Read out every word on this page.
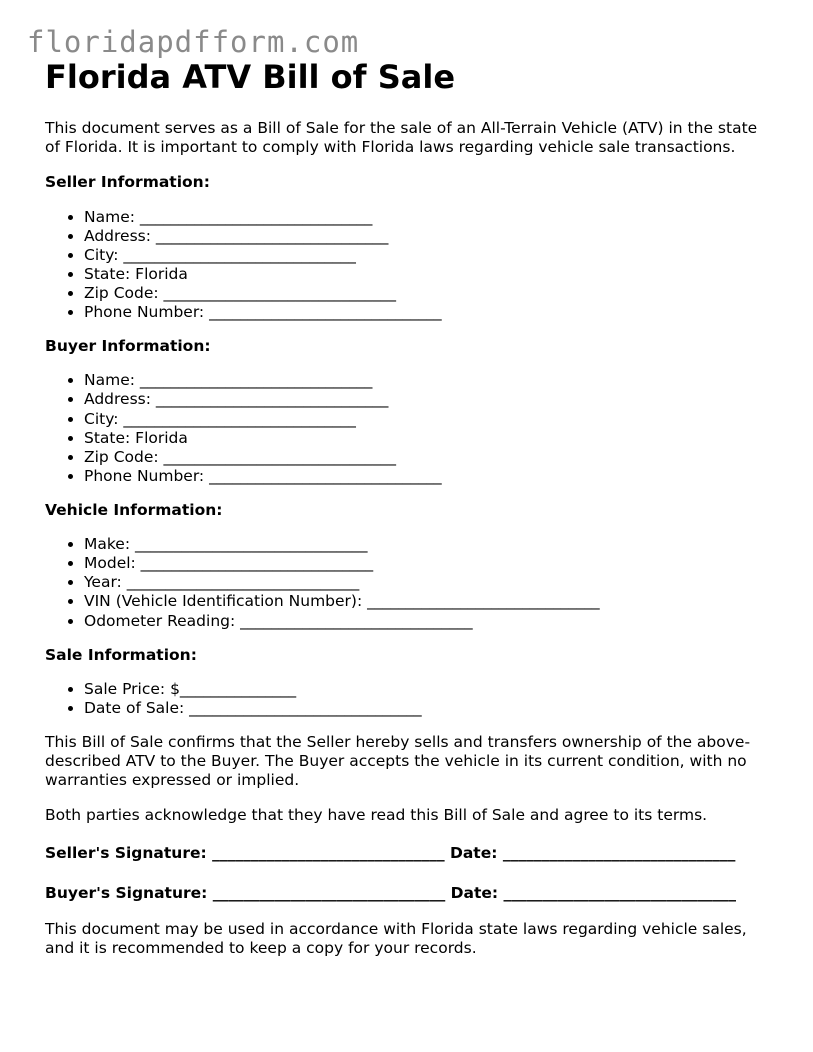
floridapdfform.com
Florida ATV Bill of Sale

This document serves as a Bill of Sale for the sale of an All-Terrain Vehicle (ATV) in the state of Florida. It is important to comply with Florida laws regarding vehicle sale transactions.

Seller Information:
• Name: ______________________________
• Address: ______________________________
• City: ______________________________
• State: Florida
• Zip Code: ______________________________
• Phone Number: ______________________________
Buyer Information:
• Name: ______________________________
• Address: ______________________________
• City: ______________________________
• State: Florida
• Zip Code: ______________________________
• Phone Number: ______________________________
Vehicle Information:
• Make: ______________________________
• Model: ______________________________
• Year: ______________________________
• VIN (Vehicle Identification Number): ______________________________
• Odometer Reading: ______________________________
Sale Information:
• Sale Price: $_______________
• Date of Sale: ______________________________

This Bill of Sale confirms that the Seller hereby sells and transfers ownership of the above-described ATV to the Buyer. The Buyer accepts the vehicle in its current condition, with no warranties expressed or implied.

Both parties acknowledge that they have read this Bill of Sale and agree to its terms.

Seller's Signature: ______________________________ Date: ______________________________
Buyer's Signature: ______________________________ Date: ______________________________

This document may be used in accordance with Florida state laws regarding vehicle sales, and it is recommended to keep a copy for your records.
